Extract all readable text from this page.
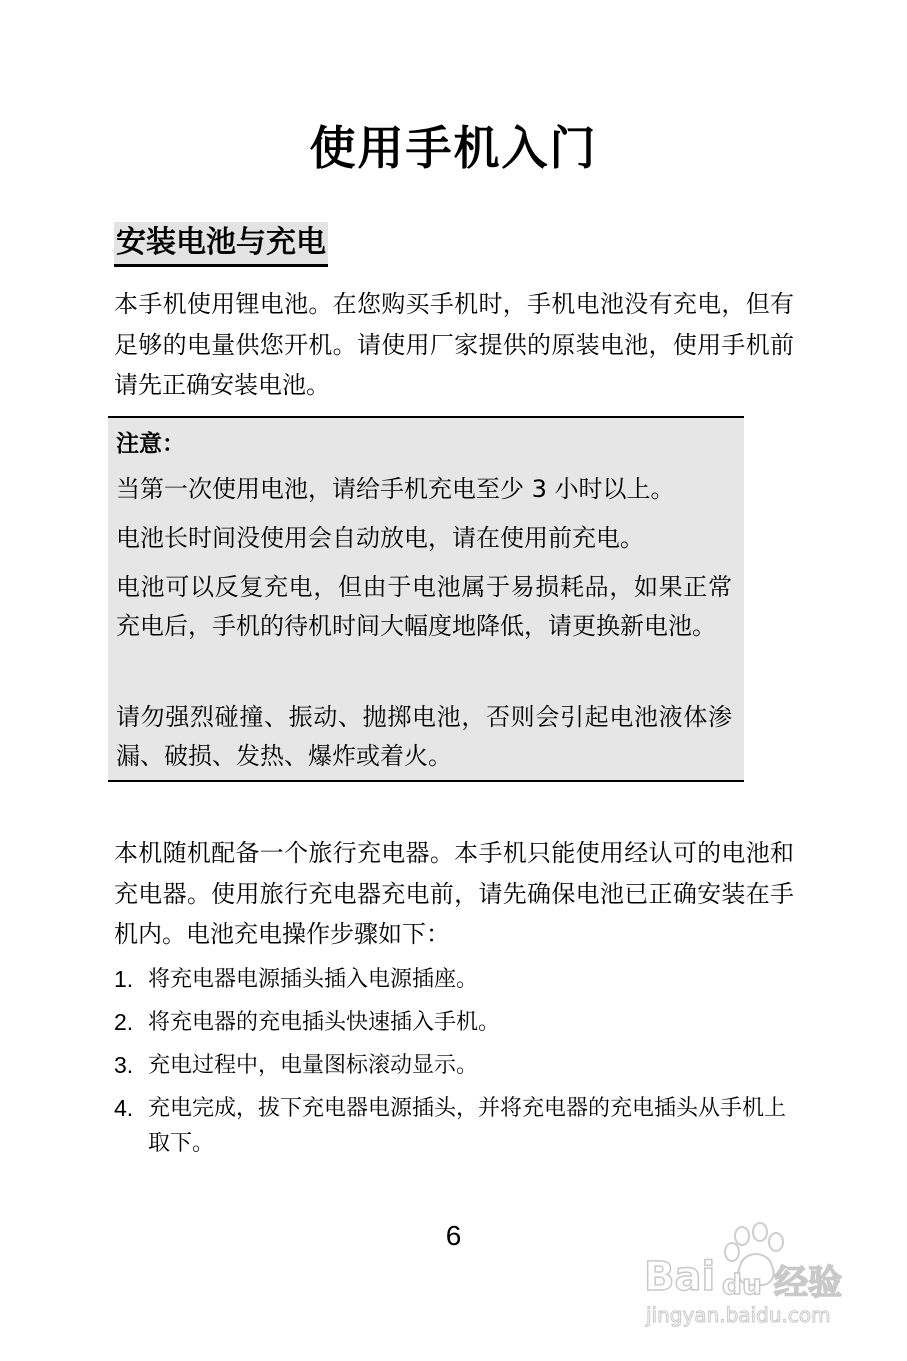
使用手机入门
安装电池与充电

本手机使用锂电池。在您购买手机时，手机电池没有充电，但有足够的电量供您开机。请使用厂家提供的原装电池，使用手机前请先正确安装电池。

注意：

当第一次使用电池，请给手机充电至少 3 小时以上。

电池长时间没使用会自动放电，请在使用前充电。

电池可以反复充电，但由于电池属于易损耗品，如果正常充电后，手机的待机时间大幅度地降低，请更换新电池。

请勿强烈碰撞、振动、抛掷电池，否则会引起电池液体渗漏、破损、发热、爆炸或着火。

本机随机配备一个旅行充电器。本手机只能使用经认可的电池和充电器。使用旅行充电器充电前，请先确保电池已正确安装在手机内。电池充电操作步骤如下：

1. 将充电器电源插头插入电源插座。
2. 将充电器的充电插头快速插入手机。
3. 充电过程中，电量图标滚动显示。
4. 充电完成，拔下充电器电源插头，并将充电器的充电插头从手机上取下。

6

Bai du 经验
jingyan.baidu.com
